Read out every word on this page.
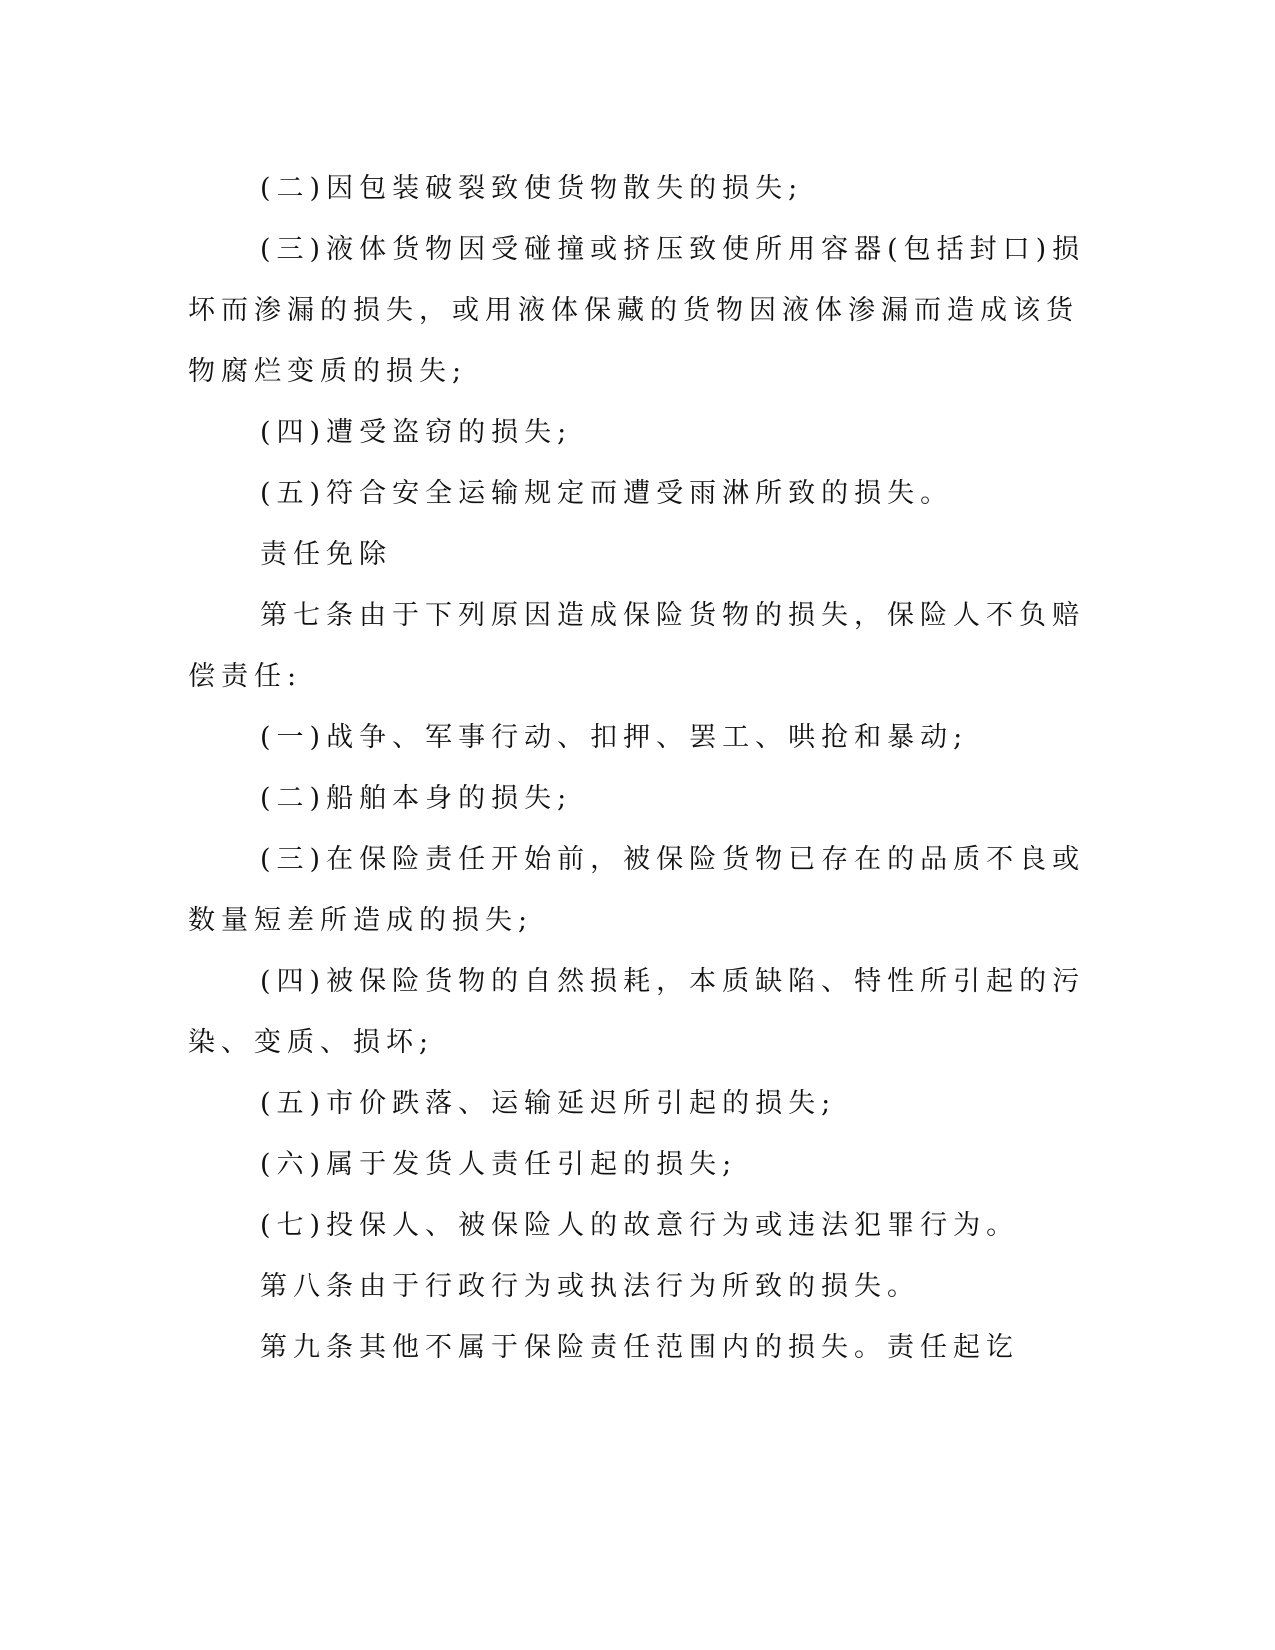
(二)因包装破裂致使货物散失的损失;

(三)液体货物因受碰撞或挤压致使所用容器(包括封口)损坏而渗漏的损失，或用液体保藏的货物因液体渗漏而造成该货物腐烂变质的损失;

(四)遭受盗窃的损失;

(五)符合安全运输规定而遭受雨淋所致的损失。

责任免除

第七条由于下列原因造成保险货物的损失，保险人不负赔偿责任:

(一)战争、军事行动、扣押、罢工、哄抢和暴动;

(二)船舶本身的损失;

(三)在保险责任开始前，被保险货物已存在的品质不良或数量短差所造成的损失;

(四)被保险货物的自然损耗，本质缺陷、特性所引起的污染、变质、损坏;

(五)市价跌落、运输延迟所引起的损失;

(六)属于发货人责任引起的损失;

(七)投保人、被保险人的故意行为或违法犯罪行为。

第八条由于行政行为或执法行为所致的损失。

第九条其他不属于保险责任范围内的损失。责任起讫
